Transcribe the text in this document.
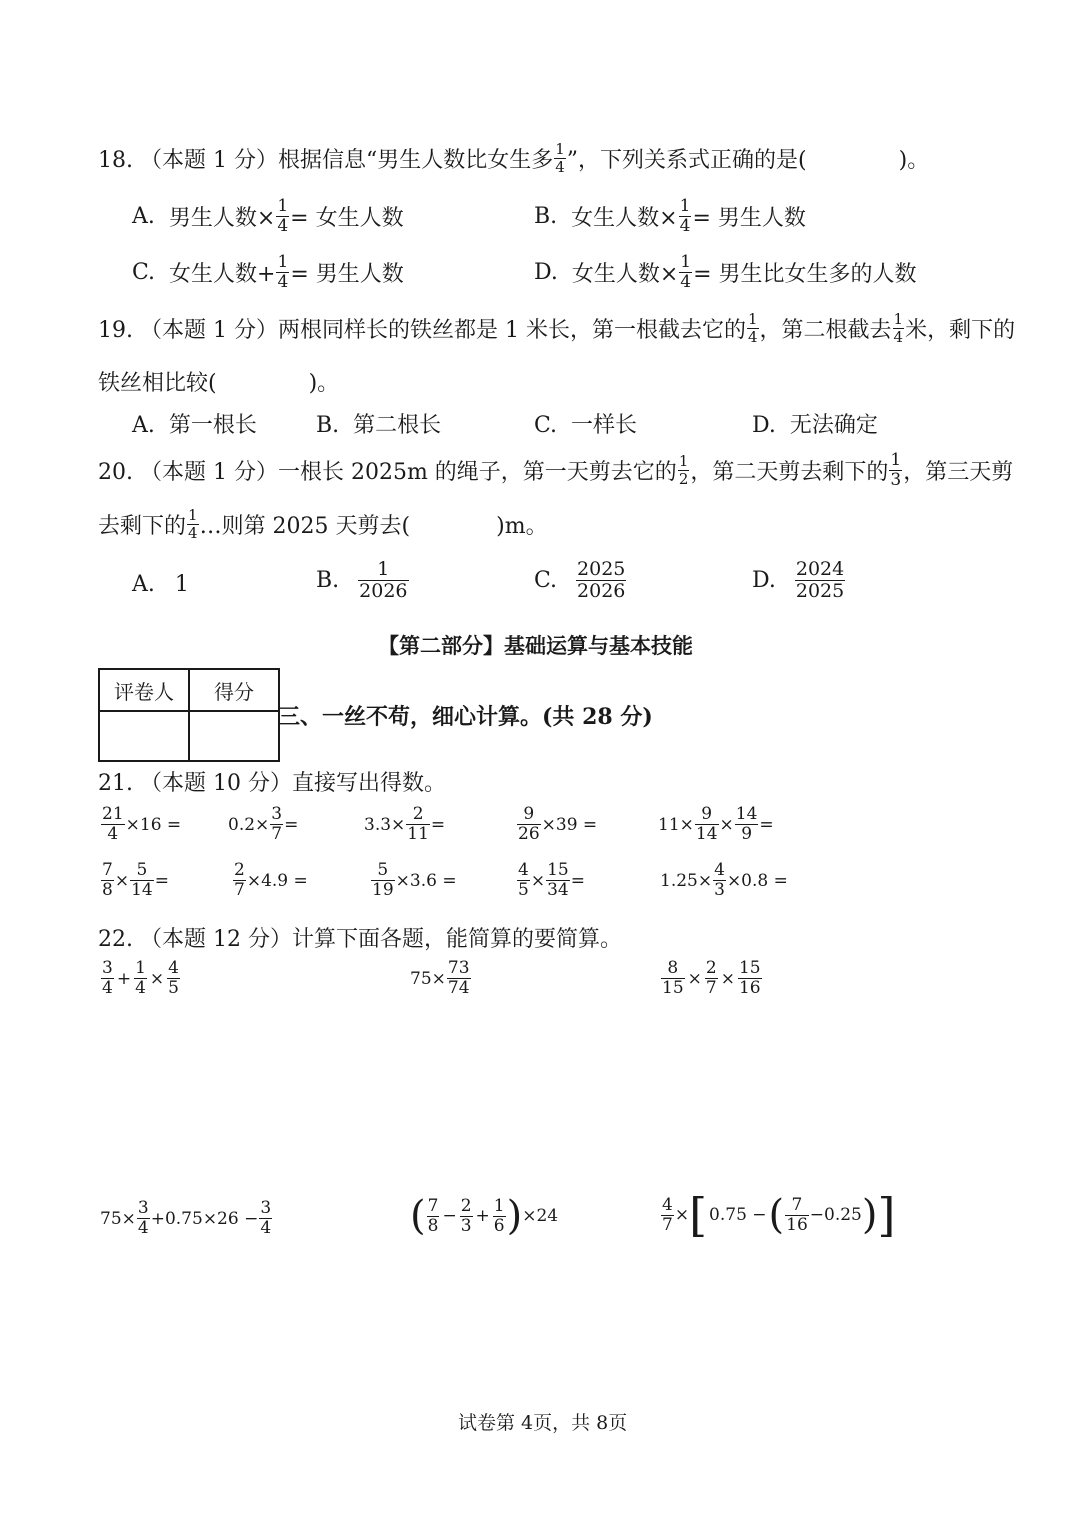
18. （本题 1 分）根据信息“男生人数比女生多 $\frac{1}{4}$ ”，下列关系式正确的是(	)。
A. 男生人数× $\frac{1}{4}$ = 女生人数	B. 女生人数× $\frac{1}{4}$ = 男生人数
C. 女生人数+ $\frac{1}{4}$ = 男生人数	D. 女生人数× $\frac{1}{4}$ = 男生比女生多的人数
19. （本题 1 分）两根同样长的铁丝都是 1 米长，第一根截去它的 $\frac{1}{4}$ ，第二根截去 $\frac{1}{4}$ 米，剩下的
铁丝相比较(	)。
A. 第一根长	B. 第二根长	C. 一样长	D. 无法确定
20. （本题 1 分）一根长 2025m 的绳子，第一天剪去它的 $\frac{1}{2}$ ，第二天剪去剩下的 $\frac{1}{3}$ ，第三天剪
去剩下的 $\frac{1}{4}$ …则第 2025 天剪去(	)m。
A. 1	B. $\frac{1}{2026}$	C. $\frac{2025}{2026}$	D. $\frac{2024}{2025}$
【第二部分】基础运算与基本技能
评卷人	得分

三、一丝不苟，细心计算。(共 28 分)
21. （本题 10 分）直接写出得数。
$\frac{21}{4} \times 16$ =	$0.2\times \frac{3}{7}$ =	$3.3\times \frac{2}{11}$ =	$\frac{9}{26} \times 39$ =	$11\times \frac{9}{14} \times \frac{14}{9}$ =
$\frac{7}{8} \times \frac{5}{14}$ =	$\frac{2}{7} \times 4.9$ =	$\frac{5}{19} \times 3.6$ =	$\frac{4}{5} \times \frac{15}{34}$ =	$1.25\times \frac{4}{3} \times 0.8$ =
22. （本题 12 分）计算下面各题，能简算的要简算。
$\frac{3}{4} + \frac{1}{4} \times \frac{4}{5}$	$75\times \frac{73}{74}$	$\frac{8}{15} \times \frac{2}{7} \times \frac{15}{16}$
$75\times \frac{3}{4} +0.75\times 26 - \frac{3}{4}$	( $\frac{7}{8} - \frac{2}{3} + \frac{1}{6}$ ) ×24	$\frac{4}{7}$ × [ 0.75 − ( $\frac{7}{16} -0.25$ ) ]
试卷第 4页，共 8页
